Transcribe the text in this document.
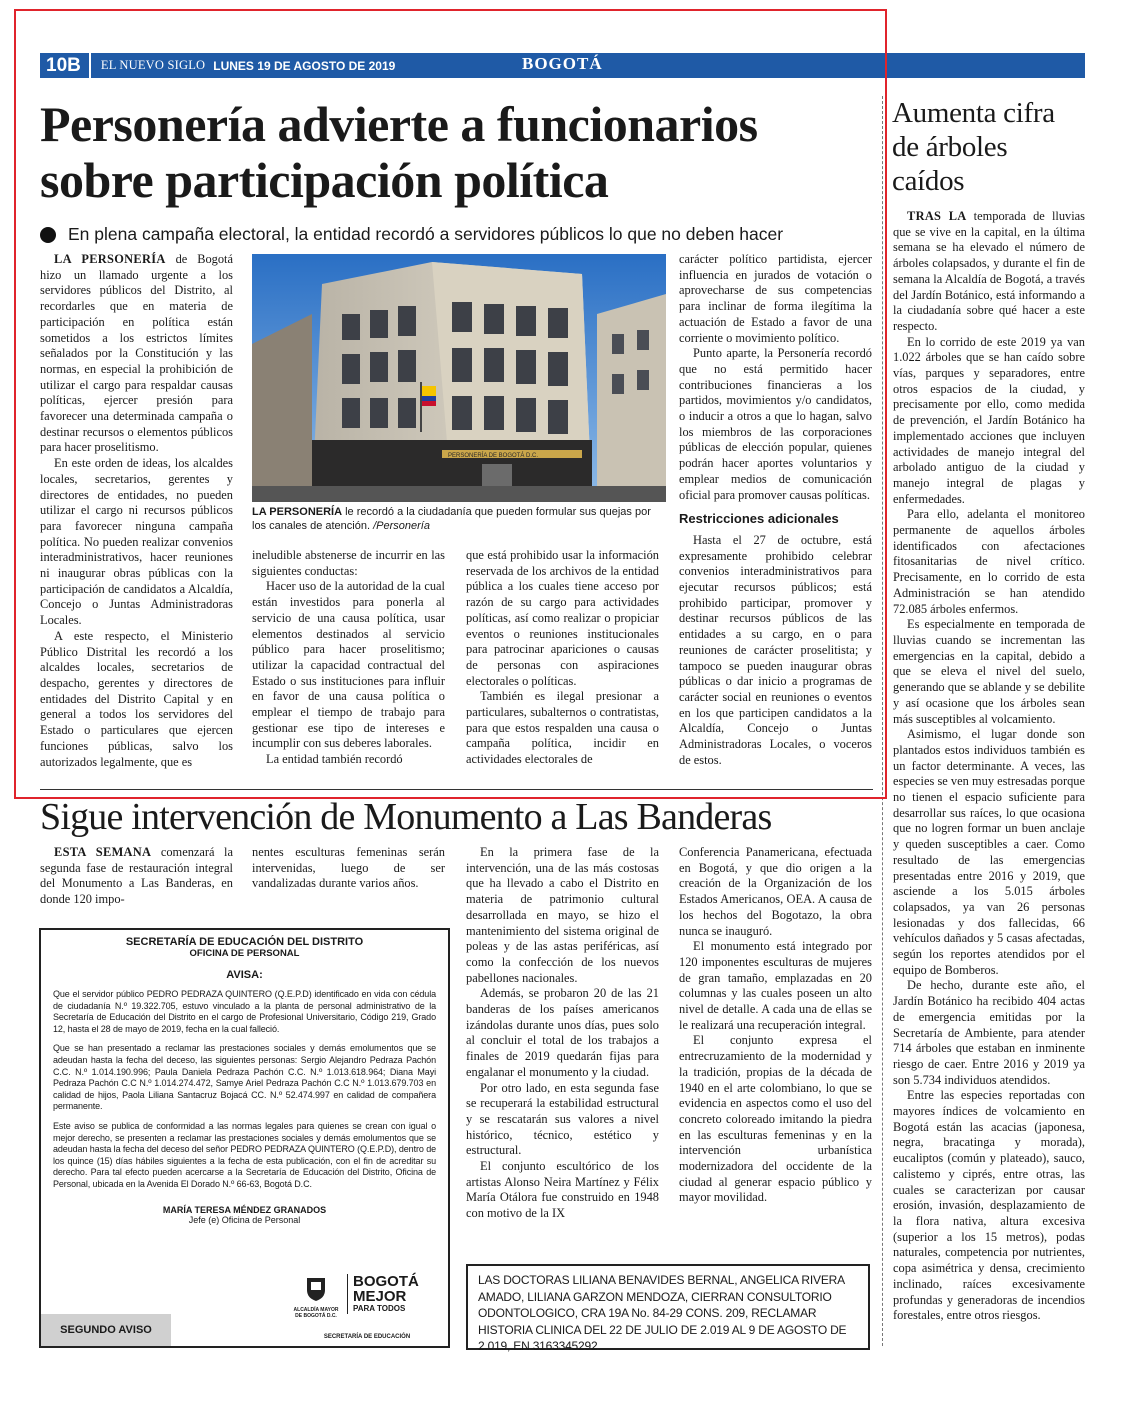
10B	EL NUEVO SIGLO LUNES 19 DE AGOSTO DE 2019	BOGOTÁ
Personería advierte a funcionarios
sobre participación política
En plena campaña electoral, la entidad recordó a servidores públicos lo que no deben hacer

LA PERSONERÍA de Bogotá hizo un llamado urgente a los servidores públicos del Distrito, al recordarles que en materia de participación en política están sometidos a los estrictos límites señalados por la Constitución y las normas, en especial la prohibición de utilizar el cargo para respaldar causas políticas, ejercer presión para favorecer una determinada campaña o destinar recursos o elementos públicos para hacer proselitismo.

En este orden de ideas, los alcaldes locales, secretarios, gerentes y directores de entidades, no pueden utilizar el cargo ni recursos públicos para favorecer ninguna campaña política. No pueden realizar convenios interadministrativos, hacer reuniones ni inaugurar obras públicas con la participación de candidatos a Alcaldía, Concejo o Juntas Administradoras Locales.

A este respecto, el Ministerio Público Distrital les recordó a los alcaldes locales, secretarios de despacho, gerentes y directores de entidades del Distrito Capital y en general a todos los servidores del Estado o particulares que ejercen funciones públicas, salvo los autorizados legalmente, que es

PERSONERÍA DE BOGOTÁ D.C.
LA PERSONERÍA le recordó a la ciudadanía que pueden formular sus quejas por los canales de atención. /Personería

ineludible abstenerse de incurrir en las siguientes conductas:

Hacer uso de la autoridad de la cual están investidos para ponerla al servicio de una causa política, usar elementos destinados al servicio público para hacer proselitismo; utilizar la capacidad contractual del Estado o sus instituciones para influir en favor de una causa política o emplear el tiempo de trabajo para gestionar ese tipo de intereses e incumplir con sus deberes laborales.

La entidad también recordó

que está prohibido usar la información reservada de los archivos de la entidad pública a los cuales tiene acceso por razón de su cargo para actividades políticas, así como realizar o propiciar eventos o reuniones institucionales para patrocinar apariciones o causas de personas con aspiraciones electorales o políticas.

También es ilegal presionar a particulares, subalternos o contratistas, para que estos respalden una causa o campaña política, incidir en actividades electorales de

carácter político partidista, ejercer influencia en jurados de votación o aprovecharse de sus competencias para inclinar de forma ilegítima la actuación de Estado a favor de una corriente o movimiento político.

Punto aparte, la Personería recordó que no está permitido hacer contribuciones financieras a los partidos, movimientos y/o candidatos, o inducir a otros a que lo hagan, salvo los miembros de las corporaciones públicas de elección popular, quienes podrán hacer aportes voluntarios y emplear medios de comunicación oficial para promover causas políticas.

Restricciones adicionales

Hasta el 27 de octubre, está expresamente prohibido celebrar convenios interadministrativos para ejecutar recursos públicos; está prohibido participar, promover y destinar recursos públicos de las entidades a su cargo, en o para reuniones de carácter proselitista; y tampoco se pueden inaugurar obras públicas o dar inicio a programas de carácter social en reuniones o eventos en los que participen candidatos a la Alcaldía, Concejo o Juntas Administradoras Locales, o voceros de estos.

Sigue intervención de Monumento a Las Banderas

ESTA SEMANA comenzará la segunda fase de restauración integral del Monumento a Las Banderas, en donde 120 impo-

nentes esculturas femeninas serán intervenidas, luego de ser vandalizadas durante varios años.

En la primera fase de la intervención, una de las más costosas que ha llevado a cabo el Distrito en materia de patrimonio cultural desarrollada en mayo, se hizo el mantenimiento del sistema original de poleas y de las astas periféricas, así como la confección de los nuevos pabellones nacionales.

Además, se probaron 20 de las 21 banderas de los países americanos izándolas durante unos días, pues solo al concluir el total de los trabajos a finales de 2019 quedarán fijas para engalanar el monumento y la ciudad.

Por otro lado, en esta segunda fase se recuperará la estabilidad estructural y se rescatarán sus valores a nivel histórico, técnico, estético y estructural.

El conjunto escultórico de los artistas Alonso Neira Martínez y Félix María Otálora fue construido en 1948 con motivo de la IX

Conferencia Panamericana, efectuada en Bogotá, y que dio origen a la creación de la Organización de los Estados Americanos, OEA. A causa de los hechos del Bogotazo, la obra nunca se inauguró.

El monumento está integrado por 120 imponentes esculturas de mujeres de gran tamaño, emplazadas en 20 columnas y las cuales poseen un alto nivel de detalle. A cada una de ellas se le realizará una recuperación integral.

El conjunto expresa el entrecruzamiento de la modernidad y la tradición, propias de la década de 1940 en el arte colombiano, lo que se evidencia en aspectos como el uso del concreto coloreado imitando la piedra en las esculturas femeninas y en la intervención urbanística modernizadora del occidente de la ciudad al generar espacio público y mayor movilidad.

SECRETARÍA DE EDUCACIÓN DEL DISTRITO
OFICINA DE PERSONAL
AVISA:

Que el servidor público PEDRO PEDRAZA QUINTERO (Q.E.P.D) identificado en vida con cédula de ciudadanía N.º 19.322.705, estuvo vinculado a la planta de personal administrativo de la Secretaría de Educación del Distrito en el cargo de Profesional Universitario, Código 219, Grado 12, hasta el 28 de mayo de 2019, fecha en la cual falleció.

Que se han presentado a reclamar las prestaciones sociales y demás emolumentos que se adeudan hasta la fecha del deceso, las siguientes personas: Sergio Alejandro Pedraza Pachón C.C. N.º 1.014.190.996; Paula Daniela Pedraza Pachón C.C. N.º 1.013.618.964; Diana Mayi Pedraza Pachón C.C N.º 1.014.274.472, Samye Ariel Pedraza Pachón C.C N.º 1.013.679.703 en calidad de hijos, Paola Liliana Santacruz Bojacá CC. N.º 52.474.997 en calidad de compañera permanente.

Este aviso se publica de conformidad a las normas legales para quienes se crean con igual o mejor derecho, se presenten a reclamar las prestaciones sociales y demás emolumentos que se adeudan hasta la fecha del deceso del señor PEDRO PEDRAZA QUINTERO (Q.E.P.D), dentro de los quince (15) días hábiles siguientes a la fecha de esta publicación, con el fin de acreditar su derecho. Para tal efecto pueden acercarse a la Secretaría de Educación del Distrito, Oficina de Personal, ubicada en la Avenida El Dorado N.º 66-63, Bogotá D.C.

MARÍA TERESA MÉNDEZ GRANADOS
Jefe (e) Oficina de Personal
SEGUNDO AVISO
ALCALDÍA MAYOR
DE BOGOTÁ D.C.
BOGOTÁ
MEJOR
PARA TODOS
SECRETARÍA DE EDUCACIÓN
LAS DOCTORAS LILIANA BENAVIDES BERNAL, ANGELICA RIVERA AMADO, LILIANA GARZON MENDOZA, CIERRAN CONSULTORIO ODONTOLOGICO, CRA 19A No. 84-29 CONS. 209, RECLAMAR HISTORIA CLINICA DEL 22 DE JULIO DE 2.019 AL 9 DE AGOSTO DE 2.019, EN 3163345292.
Aumenta cifra
de árboles
caídos

TRAS LA temporada de lluvias que se vive en la capital, en la última semana se ha elevado el número de árboles colapsados, y durante el fin de semana la Alcaldía de Bogotá, a través del Jardín Botánico, está informando a la ciudadanía sobre qué hacer a este respecto.

En lo corrido de este 2019 ya van 1.022 árboles que se han caído sobre vías, parques y separadores, entre otros espacios de la ciudad, y precisamente por ello, como medida de prevención, el Jardín Botánico ha implementado acciones que incluyen actividades de manejo integral del arbolado antiguo de la ciudad y manejo integral de plagas y enfermedades.

Para ello, adelanta el monitoreo permanente de aquellos árboles identificados con afectaciones fitosanitarias de nivel crítico. Precisamente, en lo corrido de esta Administración se han atendido 72.085 árboles enfermos.

Es especialmente en temporada de lluvias cuando se incrementan las emergencias en la capital, debido a que se eleva el nivel del suelo, generando que se ablande y se debilite y así ocasione que los árboles sean más susceptibles al volcamiento.

Asimismo, el lugar donde son plantados estos individuos también es un factor determinante. A veces, las especies se ven muy estresadas porque no tienen el espacio suficiente para desarrollar sus raíces, lo que ocasiona que no logren formar un buen anclaje y queden susceptibles a caer. Como resultado de las emergencias presentadas entre 2016 y 2019, que asciende a los 5.015 árboles colapsados, ya van 26 personas lesionadas y dos fallecidas, 66 vehículos dañados y 5 casas afectadas, según los reportes atendidos por el equipo de Bomberos.

De hecho, durante este año, el Jardín Botánico ha recibido 404 actas de emergencia emitidas por la Secretaría de Ambiente, para atender 714 árboles que estaban en inminente riesgo de caer. Entre 2016 y 2019 ya son 5.734 individuos atendidos.

Entre las especies reportadas con mayores índices de volcamiento en Bogotá están las acacias (japonesa, negra, bracatinga y morada), eucaliptos (común y plateado), sauco, calistemo y ciprés, entre otras, las cuales se caracterizan por causar erosión, invasión, desplazamiento de la flora nativa, altura excesiva (superior a los 15 metros), podas naturales, competencia por nutrientes, copa asimétrica y densa, crecimiento inclinado, raíces excesivamente profundas y generadoras de incendios forestales, entre otros riesgos.
